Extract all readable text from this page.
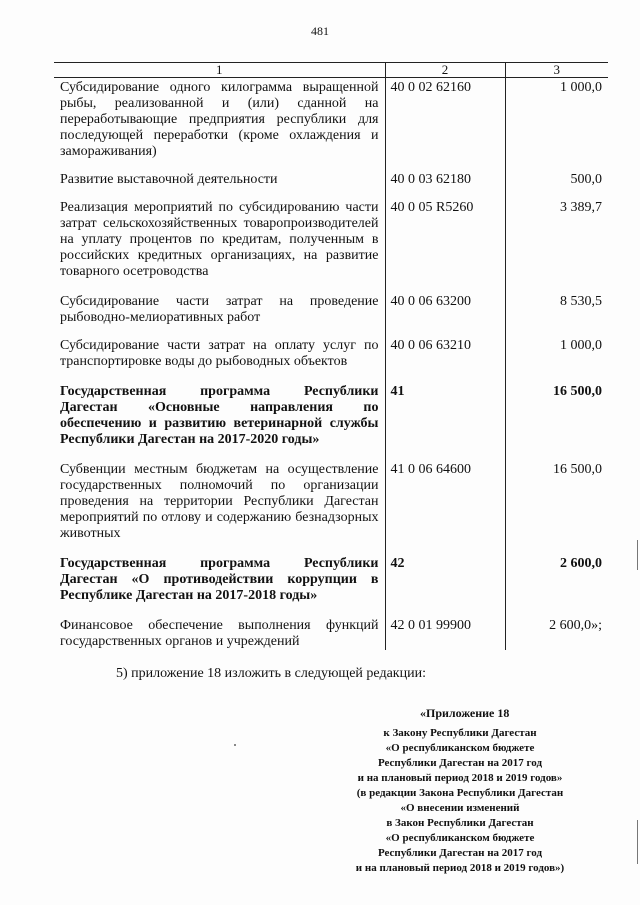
481
1	2	3
Субсидирование одного килограмма выращенной рыбы, реализованной и (или) сданной на переработывающие предприятия республики для последующей переработки (кроме охлаждения и замораживания)	40 0 02 62160	1 000,0
Развитие выставочной деятельности	40 0 03 62180	500,0
Реализация мероприятий по субсидированию части затрат сельскохозяйственных товаропроизводителей на уплату процентов по кредитам, полученным в российских кредитных организациях, на развитие товарного осетроводства	40 0 05 R5260	3 389,7
Субсидирование части затрат на проведение рыбоводно-мелиоративных работ	40 0 06 63200	8 530,5
Субсидирование части затрат на оплату услуг по транспортировке воды до рыбоводных объектов	40 0 06 63210	1 000,0
Государственная программа Республики Дагестан «Основные направления по обеспечению и развитию ветеринарной службы Республики Дагестан на 2017-2020 годы»	41	16 500,0
Субвенции местным бюджетам на осуществление государственных полномочий по организации проведения на территории Республики Дагестан мероприятий по отлову и содержанию безнадзорных животных	41 0 06 64600	16 500,0
Государственная программа Республики Дагестан «О противодействии коррупции в Республике Дагестан на 2017-2018 годы»	42	2 600,0
Финансовое обеспечение выполнения функций государственных органов и учреждений	42 0 01 99900	2 600,0»;
5) приложение 18 изложить в следующей редакции:
«Приложение 18
к Закону Республики Дагестан
«О республиканском бюджете
Республики Дагестан на 2017 год
и на плановый период 2018 и 2019 годов»
(в редакции Закона Республики Дагестан
«О внесении изменений
в Закон Республики Дагестан
«О республиканском бюджете
Республики Дагестан на 2017 год
и на плановый период 2018 и 2019 годов»)
